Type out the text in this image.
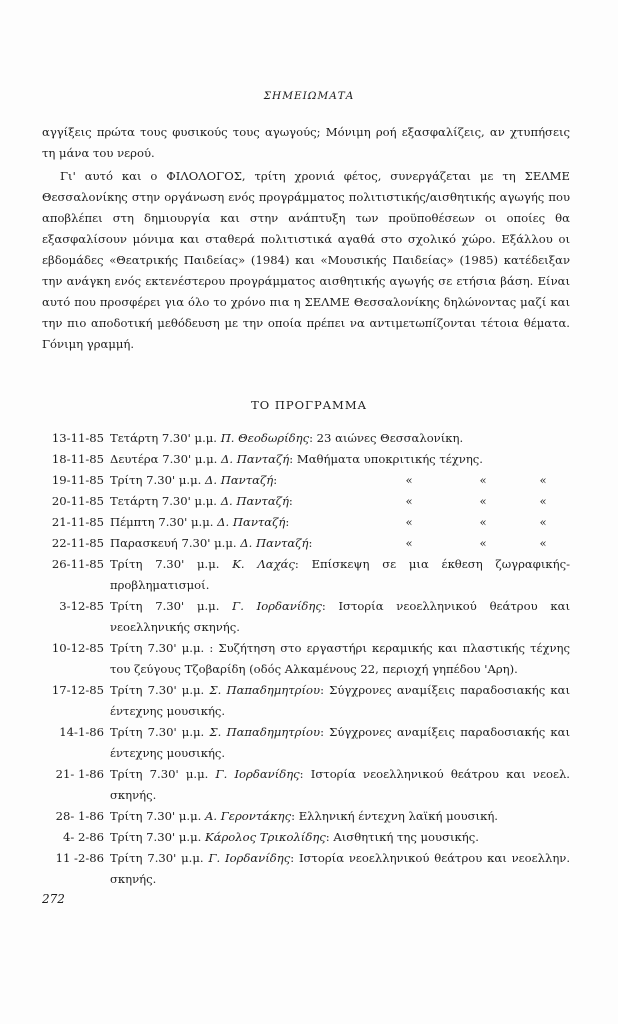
ΣΗΜΕΙΩΜΑΤΑ
αγγίξεις πρώτα τους φυσικούς τους αγωγούς; Μόνιμη ροή εξασφαλίζεις, αν χτυπήσεις τη μάνα του νερού.
Γι' αυτό και ο ΦΙΛΟΛΟΓΟΣ, τρίτη χρονιά φέτος, συνεργάζεται με τη ΣΕΛΜΕ Θεσσαλονίκης στην οργάνωση ενός προγράμματος πολιτιστικής/αισθητικής αγωγής που αποβλέπει στη δημιουργία και στην ανάπτυξη των προϋποθέσεων οι οποίες θα εξασφαλίσουν μόνιμα και σταθερά πολιτιστικά αγαθά στο σχολικό χώρο. Εξάλλου οι εβδομάδες «Θεατρικής Παιδείας» (1984) και «Μουσικής Παιδείας» (1985) κατέδειξαν την ανάγκη ενός εκτενέστερου προγράμματος αισθητικής αγωγής σε ετήσια βάση. Είναι αυτό που προσφέρει για όλο το χρόνο πια η ΣΕΛΜΕ Θεσσαλονίκης δηλώνοντας μαζί και την πιο αποδοτική μεθόδευση με την οποία πρέπει να αντιμετωπίζονται τέτοια θέματα. Γόνιμη γραμμή.
ΤΟ ΠΡΟΓΡΑΜΜΑ
13-11-85 Τετάρτη 7.30' μ.μ. Π. Θεοδωρίδης: 23 αιώνες Θεσσαλονίκη.
18-11-85 Δευτέρα 7.30' μ.μ. Δ. Πανταζή: Μαθήματα υποκριτικής τέχνης.
19-11-85 Τρίτη 7.30' μ.μ. Δ. Πανταζή:	«	«	«
20-11-85 Τετάρτη 7.30' μ.μ. Δ. Πανταζή:	«	«	«
21-11-85 Πέμπτη 7.30' μ.μ. Δ. Πανταζή:	«	«	«
22-11-85 Παρασκευή 7.30' μ.μ. Δ. Πανταζή:	«	«	«
26-11-85 Τρίτη 7.30' μ.μ. Κ. Λαχάς: Επίσκεψη σε μια έκθεση ζωγραφικής-προβληματισμοί.
3-12-85 Τρίτη 7.30' μ.μ. Γ. Ιορδανίδης: Ιστορία νεοελληνικού θεάτρου και νεοελληνικής σκηνής.
10-12-85 Τρίτη 7.30' μ.μ. : Συζήτηση στο εργαστήρι κεραμικής και πλαστικής τέχνης του ζεύγους Τζοβαρίδη (οδός Αλκαμένους 22, περιοχή γηπέδου 'Αρη).
17-12-85 Τρίτη 7.30' μ.μ. Σ. Παπαδημητρίου: Σύγχρονες αναμίξεις παραδοσιακής και έντεχνης μουσικής.
14-1-86 Τρίτη 7.30' μ.μ. Σ. Παπαδημητρίου: Σύγχρονες αναμίξεις παραδοσιακής και έντεχνης μουσικής.
21- 1-86 Τρίτη 7.30' μ.μ. Γ. Ιορδανίδης: Ιστορία νεοελληνικού θεάτρου και νεοελ. σκηνής.
28- 1-86 Τρίτη 7.30' μ.μ. Α. Γεροντάκης: Ελληνική έντεχνη λαϊκή μουσική.
4- 2-86 Τρίτη 7.30' μ.μ. Κάρολος Τρικολίδης: Αισθητική της μουσικής.
11 -2-86 Τρίτη 7.30' μ.μ. Γ. Ιορδανίδης: Ιστορία νεοελληνικού θεάτρου και νεοελλην. σκηνής.
272
